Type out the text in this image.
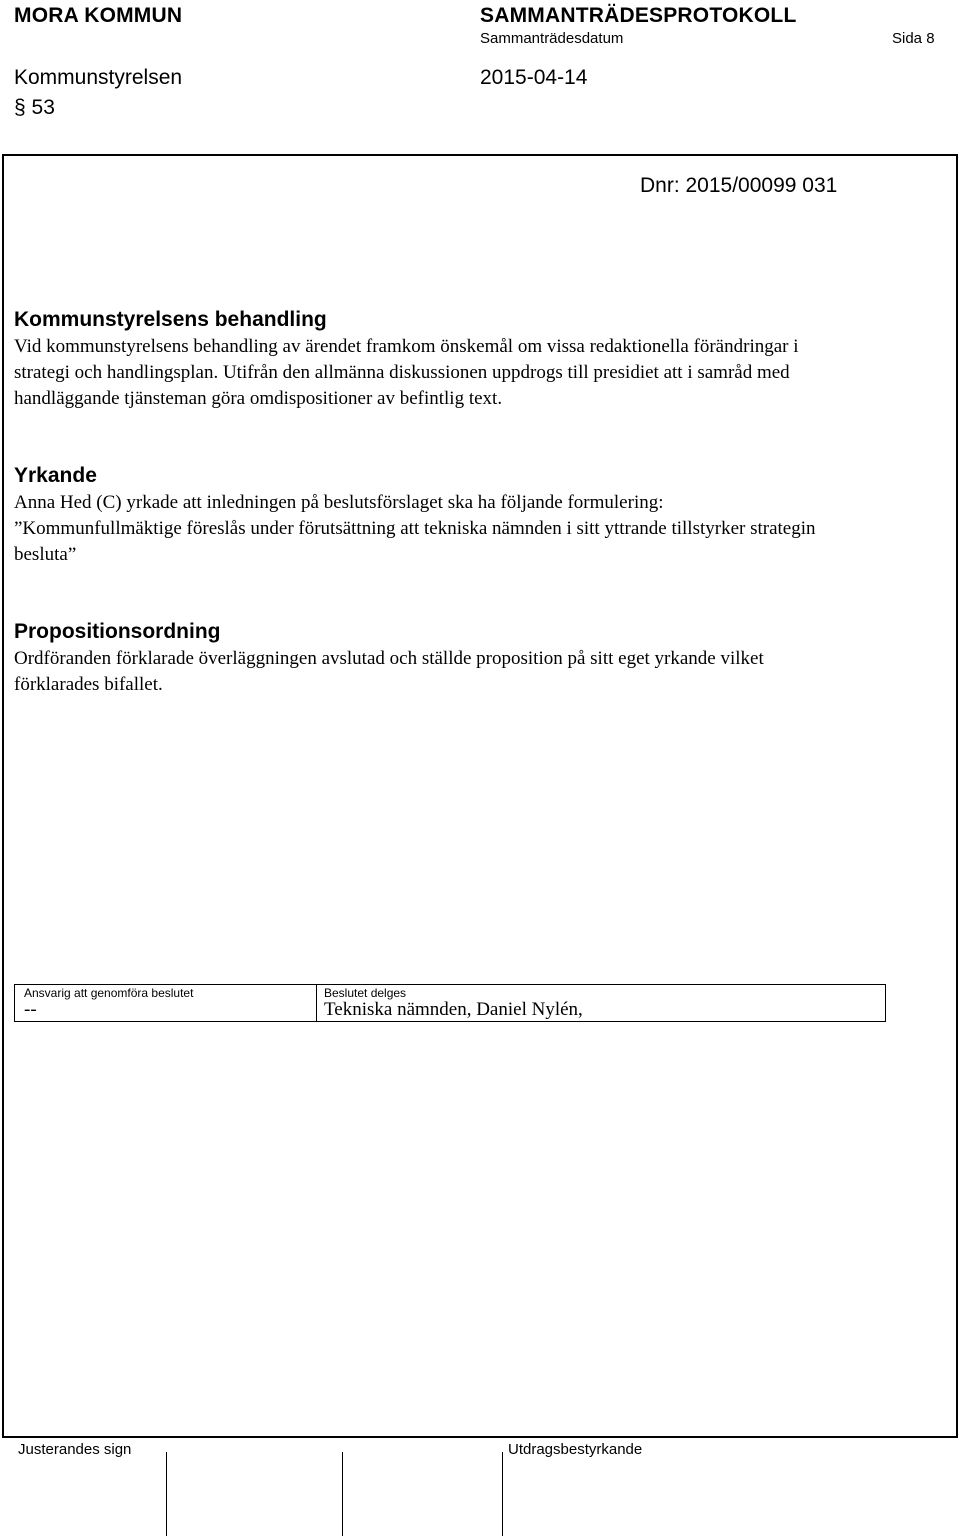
MORA KOMMUN	SAMMANTRÄDESPROTOKOLL
Sammanträdesdatum	Sida 8
Kommunstyrelsen	2015-04-14
§ 53
Dnr: 2015/00099 031
Kommunstyrelsens behandling
Vid kommunstyrelsens behandling av ärendet framkom önskemål om vissa redaktionella förändringar i
strategi och handlingsplan. Utifrån den allmänna diskussionen uppdrogs till presidiet att i samråd med
handläggande tjänsteman göra omdispositioner av befintlig text.
Yrkande
Anna Hed (C) yrkade att inledningen på beslutsförslaget ska ha följande formulering:
”Kommunfullmäktige föreslås under förutsättning att tekniska nämnden i sitt yttrande tillstyrker strategin
besluta”
Propositionsordning
Ordföranden förklarade överläggningen avslutad och ställde proposition på sitt eget yrkande vilket
förklarades bifallet.
Ansvarig att genomföra beslutet
--
Beslutet delges
Tekniska nämnden, Daniel Nylén,
Justerandes sign	Utdragsbestyrkande
